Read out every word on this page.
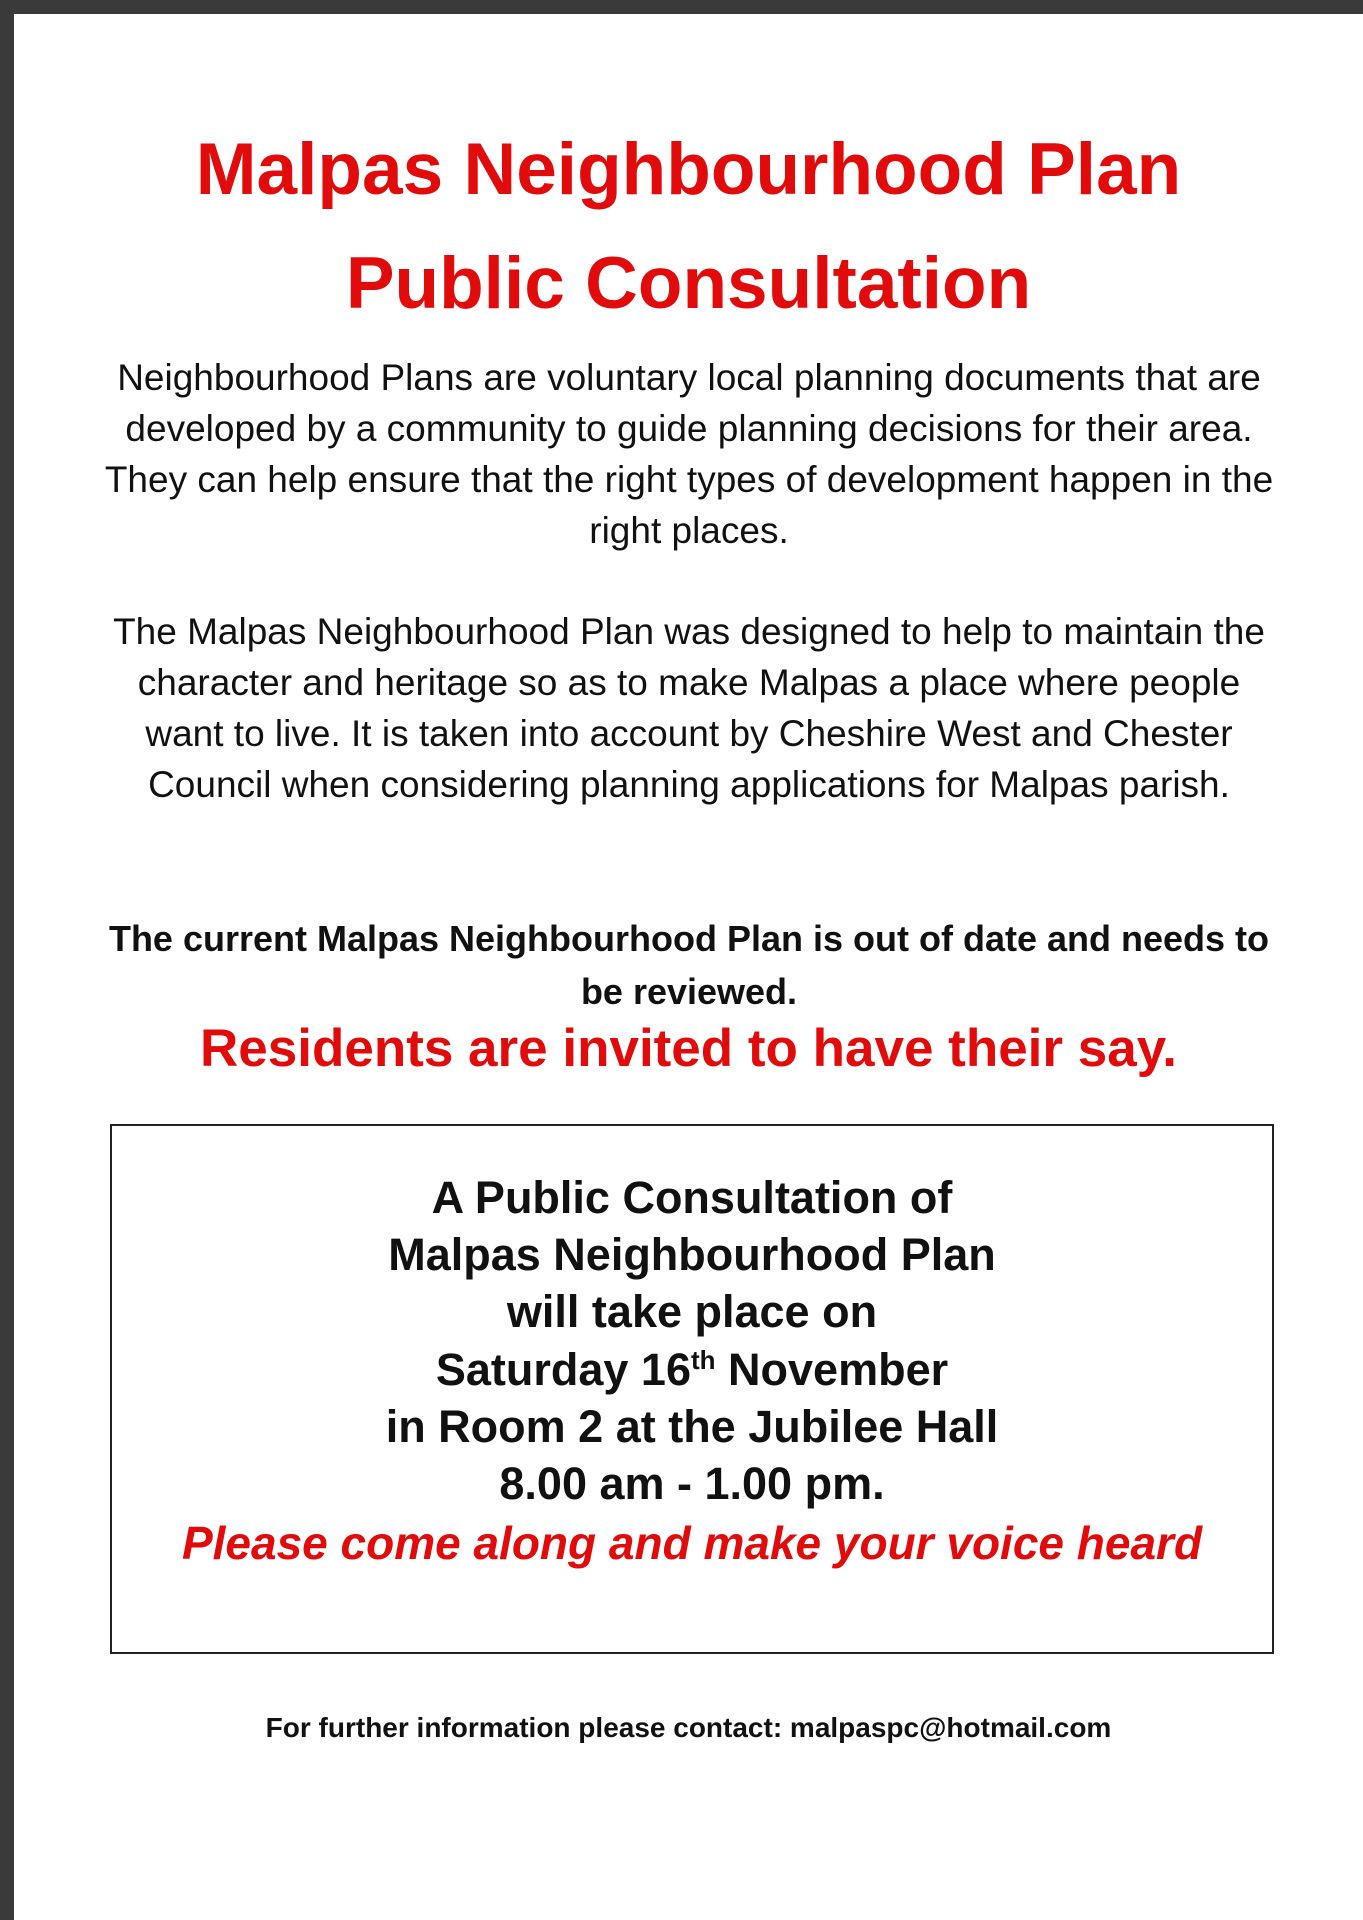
Malpas Neighbourhood Plan
Public Consultation

Neighbourhood Plans are voluntary local planning documents that are developed by a community to guide planning decisions for their area. They can help ensure that the right types of development happen in the right places.

The Malpas Neighbourhood Plan was designed to help to maintain the character and heritage so as to make Malpas a place where people want to live. It is taken into account by Cheshire West and Chester Council when considering planning applications for Malpas parish.

The current Malpas Neighbourhood Plan is out of date and needs to be reviewed.

Residents are invited to have their say.

A Public Consultation of

Malpas Neighbourhood Plan

will take place on

Saturday 16th November

in Room 2 at the Jubilee Hall

8.00 am - 1.00 pm.

Please come along and make your voice heard

For further information please contact: malpaspc@hotmail.com
